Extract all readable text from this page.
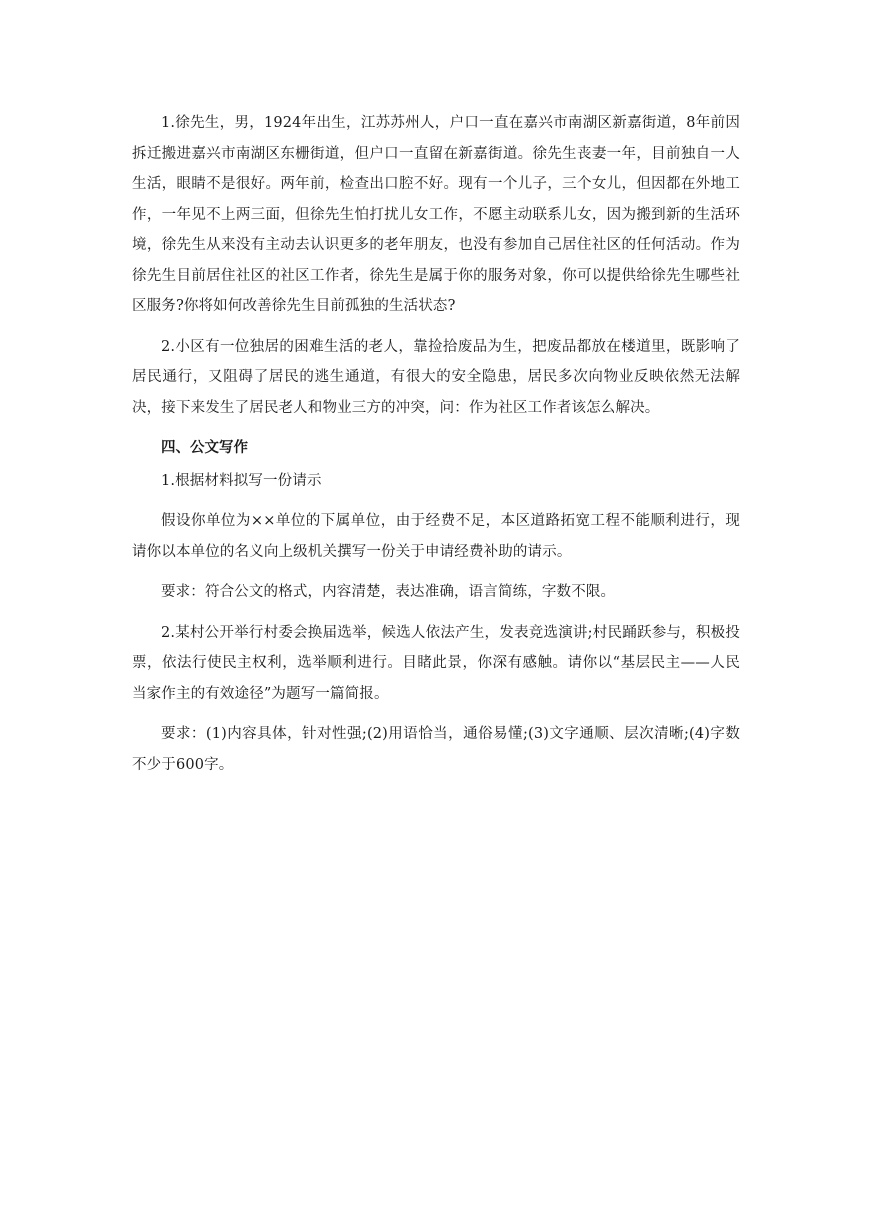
1.徐先生，男，1924年出生，江苏苏州人，户口一直在嘉兴市南湖区新嘉街道，8年前因拆迁搬进嘉兴市南湖区东栅街道，但户口一直留在新嘉街道。徐先生丧妻一年，目前独自一人生活，眼睛不是很好。两年前，检查出口腔不好。现有一个儿子，三个女儿，但因都在外地工作，一年见不上两三面，但徐先生怕打扰儿女工作，不愿主动联系儿女，因为搬到新的生活环境，徐先生从来没有主动去认识更多的老年朋友，也没有参加自己居住社区的任何活动。作为徐先生目前居住社区的社区工作者，徐先生是属于你的服务对象，你可以提供给徐先生哪些社区服务?你将如何改善徐先生目前孤独的生活状态?

2.小区有一位独居的困难生活的老人，靠捡拾废品为生，把废品都放在楼道里，既影响了居民通行，又阻碍了居民的逃生通道，有很大的安全隐患，居民多次向物业反映依然无法解决，接下来发生了居民老人和物业三方的冲突，问：作为社区工作者该怎么解决。

四、公文写作

1.根据材料拟写一份请示

假设你单位为××单位的下属单位，由于经费不足，本区道路拓宽工程不能顺利进行，现请你以本单位的名义向上级机关撰写一份关于申请经费补助的请示。

要求：符合公文的格式，内容清楚，表达准确，语言简练，字数不限。

2.某村公开举行村委会换届选举，候选人依法产生，发表竞选演讲;村民踊跃参与，积极投票，依法行使民主权利，选举顺利进行。目睹此景，你深有感触。请你以“基层民主——人民当家作主的有效途径”为题写一篇简报。

要求：(1)内容具体，针对性强;(2)用语恰当，通俗易懂;(3)文字通顺、层次清晰;(4)字数不少于600字。
